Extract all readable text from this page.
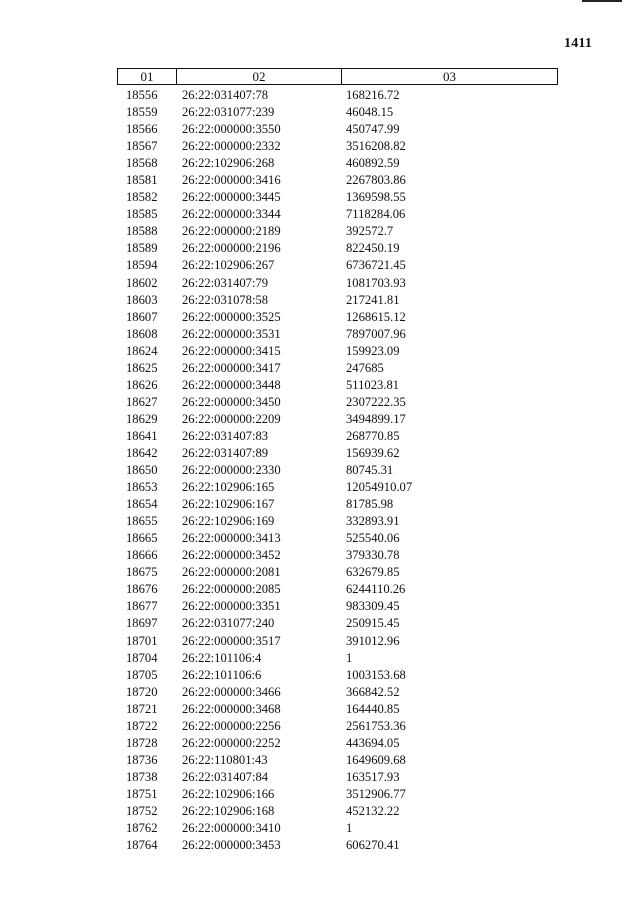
1411
01	02	03
18556 26:22:031407:78	168216.72
18559 26:22:031077:239	46048.15
18566 26:22:000000:3550	450747.99
18567 26:22:000000:2332	3516208.82
18568 26:22:102906:268	460892.59
18581 26:22:000000:3416	2267803.86
18582 26:22:000000:3445	1369598.55
18585 26:22:000000:3344	7118284.06
18588 26:22:000000:2189	392572.7
18589 26:22:000000:2196	822450.19
18594 26:22:102906:267	6736721.45
18602 26:22:031407:79	1081703.93
18603 26:22:031078:58	217241.81
18607 26:22:000000:3525	1268615.12
18608 26:22:000000:3531	7897007.96
18624 26:22:000000:3415	159923.09
18625 26:22:000000:3417	247685
18626 26:22:000000:3448	511023.81
18627 26:22:000000:3450	2307222.35
18629 26:22:000000:2209	3494899.17
18641 26:22:031407:83	268770.85
18642 26:22:031407:89	156939.62
18650 26:22:000000:2330	80745.31
18653 26:22:102906:165	12054910.07
18654 26:22:102906:167	81785.98
18655 26:22:102906:169	332893.91
18665 26:22:000000:3413	525540.06
18666 26:22:000000:3452	379330.78
18675 26:22:000000:2081	632679.85
18676 26:22:000000:2085	6244110.26
18677 26:22:000000:3351	983309.45
18697 26:22:031077:240	250915.45
18701 26:22:000000:3517	391012.96
18704 26:22:101106:4	1
18705 26:22:101106:6	1003153.68
18720 26:22:000000:3466	366842.52
18721 26:22:000000:3468	164440.85
18722 26:22:000000:2256	2561753.36
18728 26:22:000000:2252	443694.05
18736 26:22:110801:43	1649609.68
18738 26:22:031407:84	163517.93
18751 26:22:102906:166	3512906.77
18752 26:22:102906:168	452132.22
18762 26:22:000000:3410	1
18764 26:22:000000:3453	606270.41
